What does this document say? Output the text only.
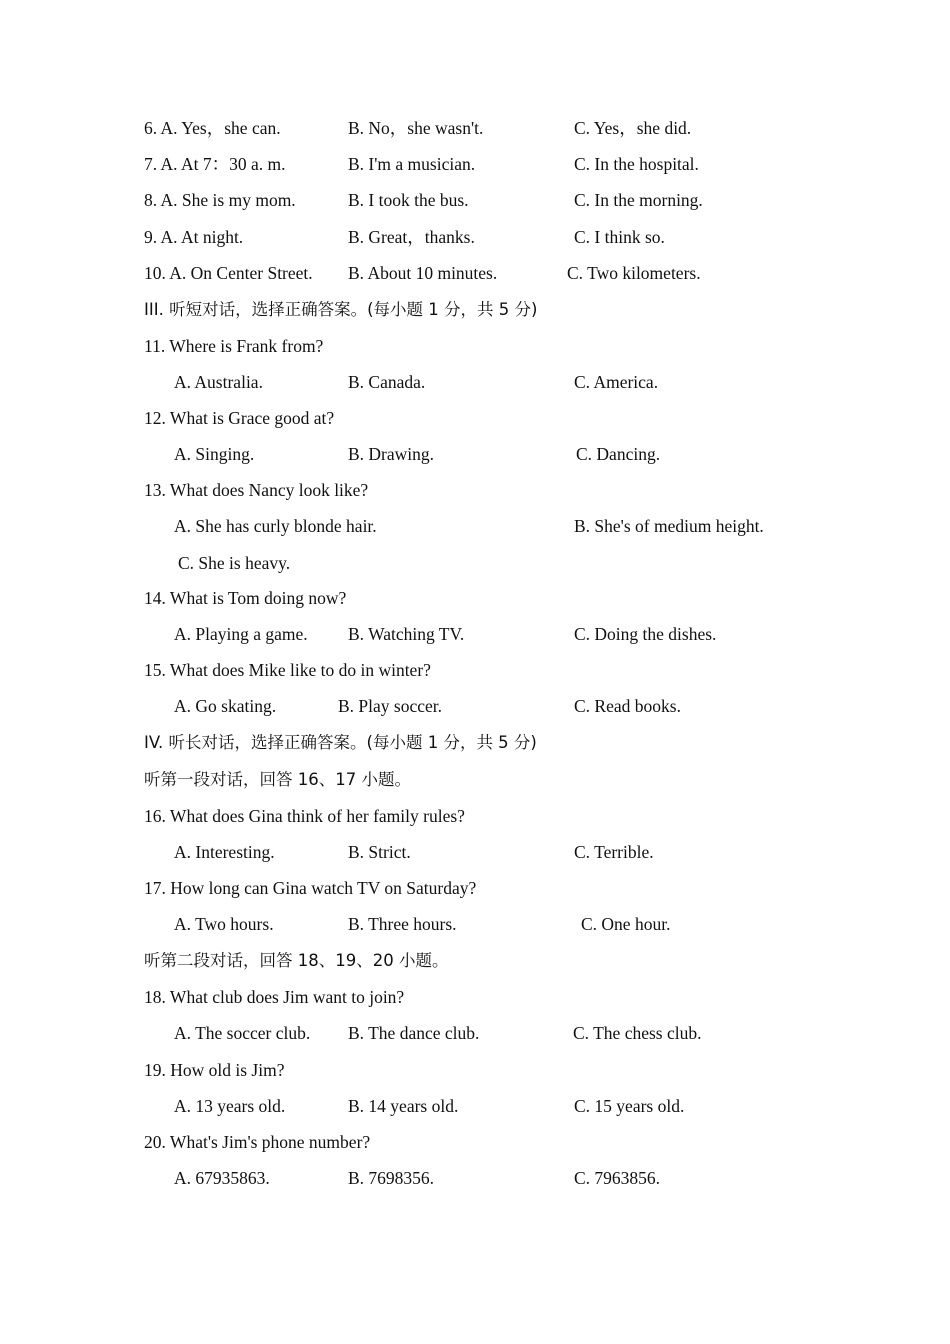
6. A. Yes，she can.	B. No，she wasn't.	C. Yes，she did.
7. A. At 7：30 a. m.	B. I'm a musician.	C. In the hospital.
8. A. She is my mom.	B. I took the bus.	C. In the morning.
9. A. At night.	B. Great，thanks.	C. I think so.
10. A. On Center Street. B. About 10 minutes.	C. Two kilometers.
III. 听短对话，选择正确答案。(每小题 1 分，共 5 分)
11. Where is Frank from?
A. Australia.	B. Canada.	C. America.
12. What is Grace good at?
A. Singing.	B. Drawing.	C. Dancing.
13. What does Nancy look like?
A. She has curly blonde hair.	B. She's of medium height.
C. She is heavy.
14. What is Tom doing now?
A. Playing a game. B. Watching TV.	C. Doing the dishes.
15. What does Mike like to do in winter?
A. Go skating.	B. Play soccer.	C. Read books.
IV. 听长对话，选择正确答案。(每小题 1 分，共 5 分)
听第一段对话，回答 16、17 小题。
16. What does Gina think of her family rules?
A. Interesting.	B. Strict.	C. Terrible.
17. How long can Gina watch TV on Saturday?
A. Two hours.	B. Three hours.	C. One hour.
听第二段对话，回答 18、19、20 小题。
18. What club does Jim want to join?
A. The soccer club. B. The dance club.	C. The chess club.
19. How old is Jim?
A. 13 years old.	B. 14 years old.	C. 15 years old.
20. What's Jim's phone number?
A. 67935863.	B. 7698356.	C. 7963856.
